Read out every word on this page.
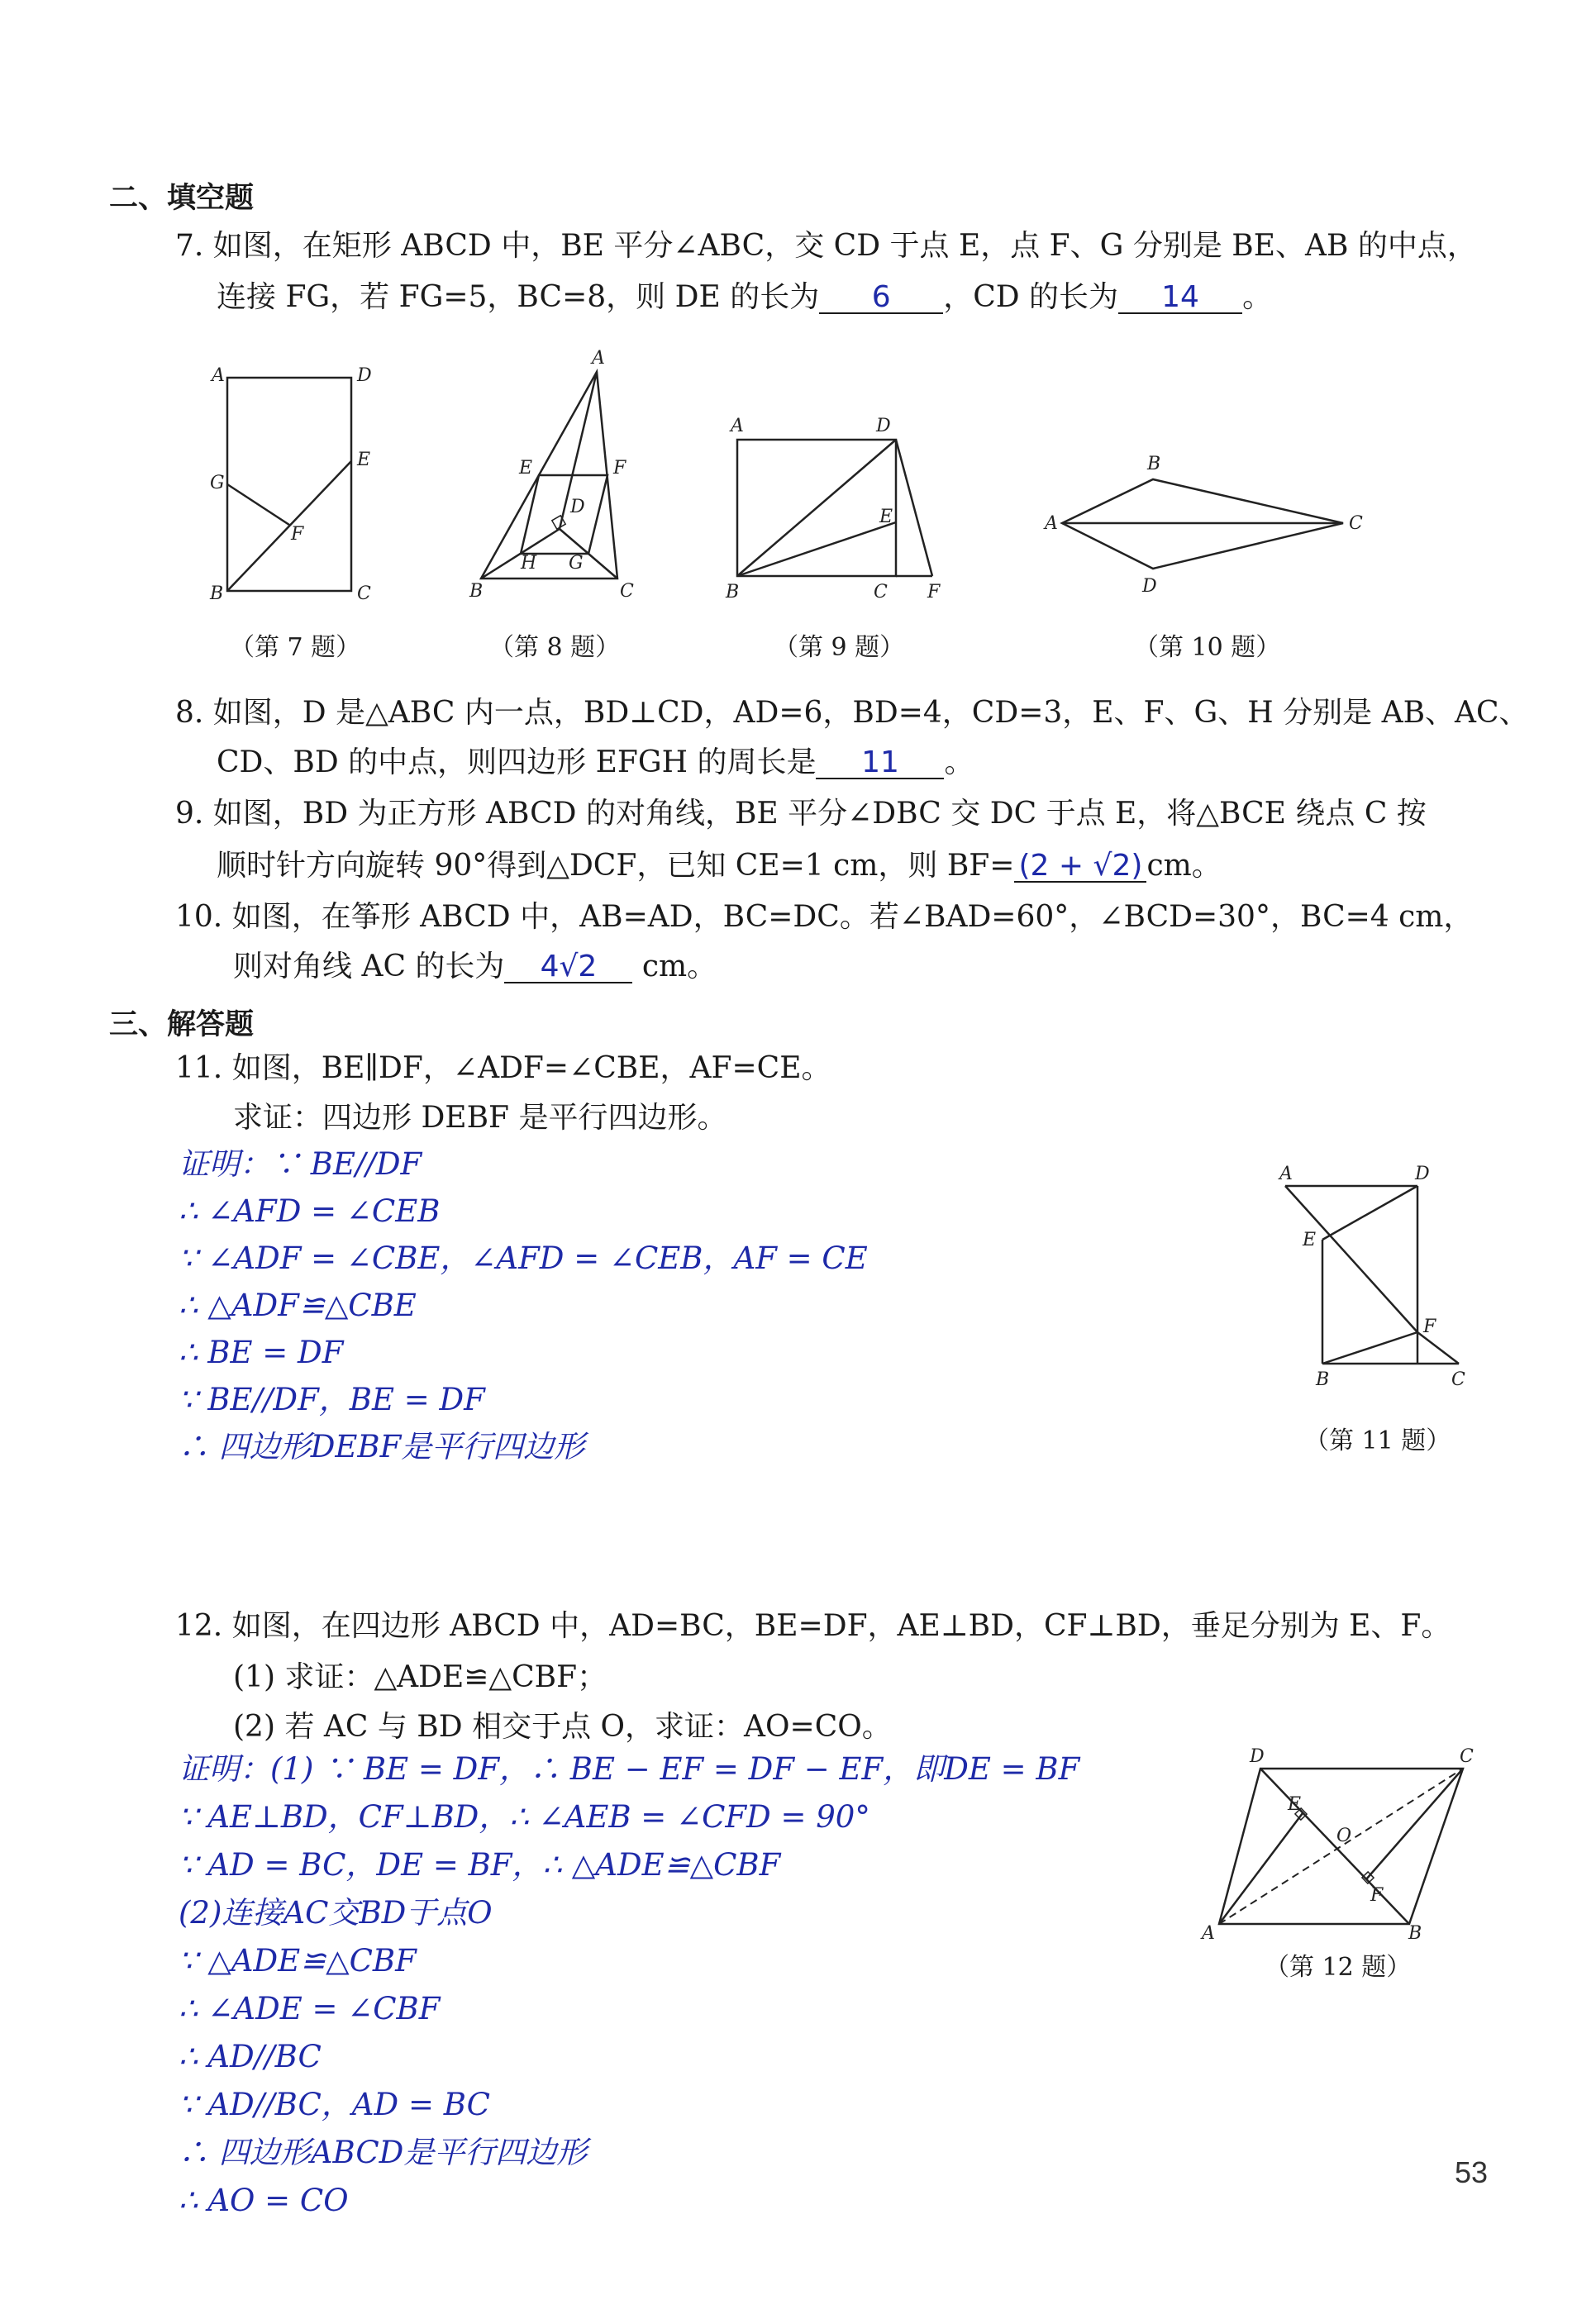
二、填空题
7. 如图，在矩形 ABCD 中，BE 平分∠ABC，交 CD 于点 E，点 F、G 分别是 BE、AB 的中点，
连接 FG，若 FG=5，BC=8，则 DE 的长为 6 ，CD 的长为 14 。
A	D
G
E
F
B	C
（第 7 题）
A
E	F
D
H G
B	C
（第 8 题）
A	D
E
B	C F
（第 9 题）
A
B
C
D
（第 10 题）
8. 如图，D 是△ABC 内一点，BD⊥CD，AD=6，BD=4，CD=3，E、F、G、H 分别是 AB、AC、
CD、BD 的中点，则四边形 EFGH 的周长是 11 。
9. 如图，BD 为正方形 ABCD 的对角线，BE 平分∠DBC 交 DC 于点 E，将△BCE 绕点 C 按
顺时针方向旋转 90°得到△DCF，已知 CE=1 cm，则 BF= (2 + √2) cm。
10. 如图，在筝形 ABCD 中，AB=AD，BC=DC。若∠BAD=60°，∠BCD=30°，BC=4 cm，
则对角线 AC 的长为 4√2 cm。
三、解答题
11. 如图，BE∥DF，∠ADF=∠CBE，AF=CE。
求证：四边形 DEBF 是平行四边形。
证明：∵ BE//DF
∴ ∠AFD = ∠CEB
∵ ∠ADF = ∠CBE，∠AFD = ∠CEB，AF = CE
∴ △ADF≌△CBE
∴ BE = DF
∵ BE//DF，BE = DF
∴ 四边形DEBF是平行四边形
A	D
E
F
B	C
（第 11 题）
12. 如图，在四边形 ABCD 中，AD=BC，BE=DF，AE⊥BD，CF⊥BD，垂足分别为 E、F。
(1) 求证：△ADE≌△CBF；
(2) 若 AC 与 BD 相交于点 O，求证：AO=CO。
证明：(1) ∵ BE = DF，∴ BE − EF = DF − EF，即DE = BF
∵ AE⊥BD，CF⊥BD，∴ ∠AEB = ∠CFD = 90°
∵ AD = BC，DE = BF，∴ △ADE≌△CBF
(2)连接AC交BD于点O
∵ △ADE≌△CBF
∴ ∠ADE = ∠CBF
∴ AD//BC
∵ AD//BC，AD = BC
∴ 四边形ABCD是平行四边形
∴ AO = CO
D	C
E
O
F
A	B
（第 12 题）
53
